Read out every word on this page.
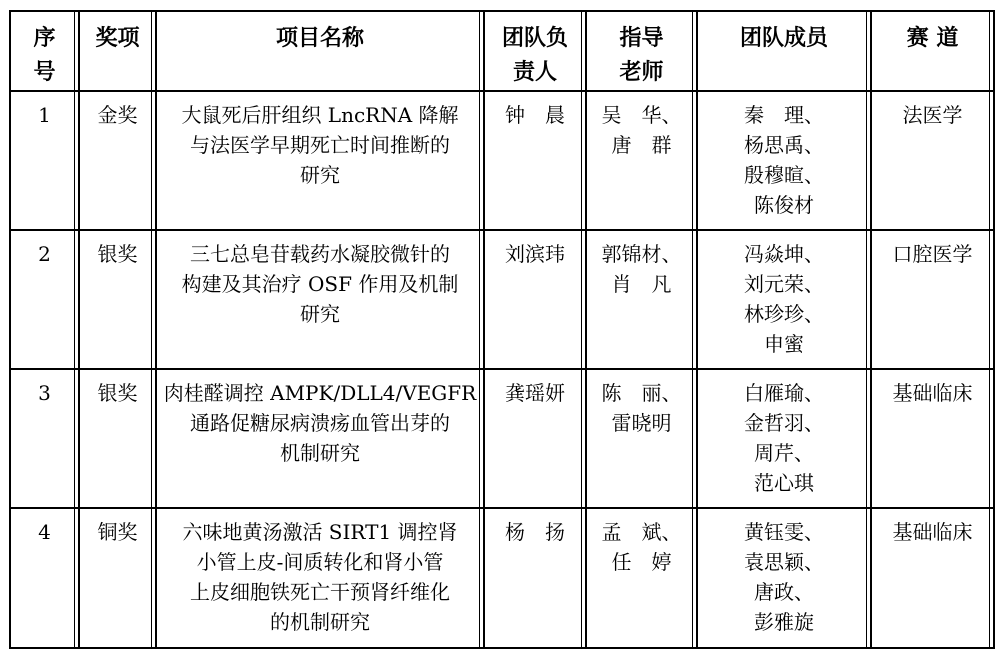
序
号	奖项	项目名称	团队负
责人	指导
老师	团队成员	赛 道
1	金奖	大鼠死后肝组织 LncRNA 降解
与法医学早期死亡时间推断的
研究	钟　晨	吴　华、
唐　群	秦　理、
杨思禹、
殷穆暄、
陈俊材	法医学
2	银奖	三七总皂苷载药水凝胶微针的
构建及其治疗 OSF 作用及机制
研究	刘滨玮	郭锦材、
肖　凡	冯焱坤、
刘元荣、
林珍珍、
申蜜	口腔医学
3	银奖	肉桂醛调控 AMPK/DLL4/VEGFR
通路促糖尿病溃疡血管出芽的
机制研究	龚瑶妍	陈　丽、
雷晓明	白雁瑜、
金哲羽、
周芹、
范心琪	基础临床
4	铜奖	六味地黄汤激活 SIRT1 调控肾
小管上皮-间质转化和肾小管
上皮细胞铁死亡干预肾纤维化
的机制研究	杨　扬	孟　斌、
任　婷	黄钰雯、
袁思颖、
唐政、
彭雅旋	基础临床
